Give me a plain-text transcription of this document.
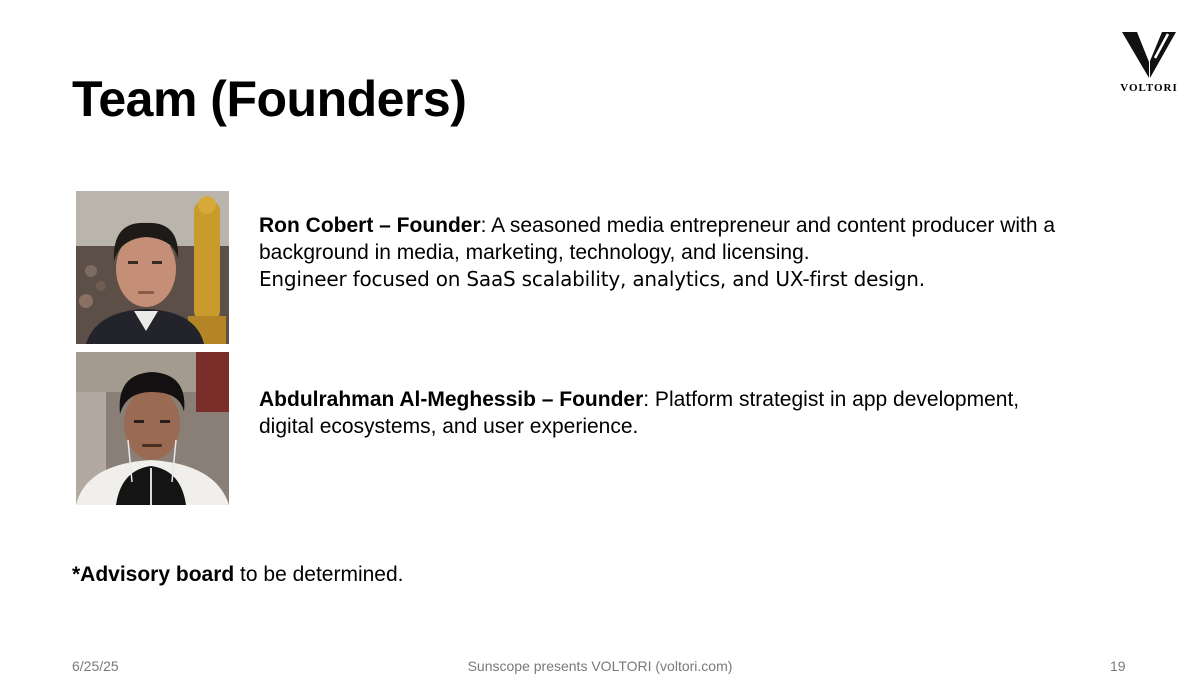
Team (Founders)	VOLTORI
Ron Cobert – Founder: A seasoned media entrepreneur and content producer with a background in media, marketing, technology, and licensing.
Engineer focused on SaaS scalability, analytics, and UX-first design.
Abdulrahman Al-Meghessib – Founder: Platform strategist in app development, digital ecosystems, and user experience.
*Advisory board to be determined.
6/25/25	Sunscope presents VOLTORI (voltori.com)	19
